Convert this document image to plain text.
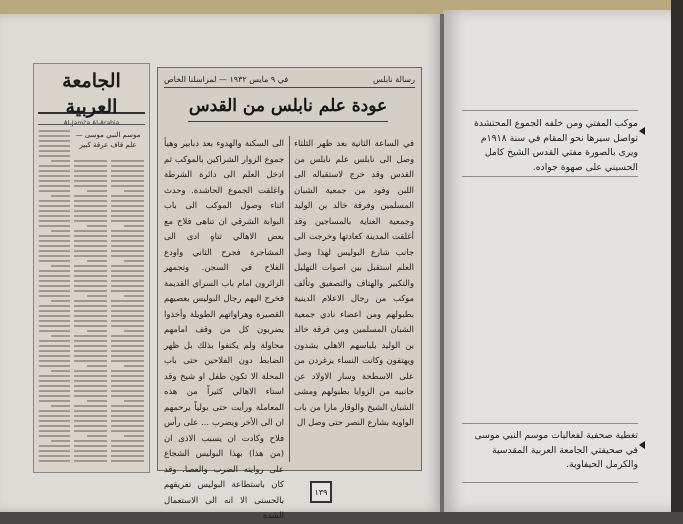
الجامعة العربية
Al-Jami'a Al-Arabia
موسم النبي موسى — علم قاف عرقة كبير
رسالة نابلس
في ٩ مايس ١٩٣٢ — لمراسلنا الخاص
عودة علم نابلس من القدس

في الساعة الثانية بعد ظهر الثلثاء وصل الى نابلس علم نابلس من القدس وقد خرج لاستقباله الى اللبن وفود من جمعية الشبان المسلمين وفرقة خالد بن الوليد وجمعية العناية بالمساجين وقد أغلقت المدينة كعادتها وخرجت الى جانب شارع البوليس لهذا وصل العلم استقبل بين اصوات التهليل والتكبير والهتاف والتصفيق وتألف موكب من رجال الاعلام الدينية بطبولهم ومن اعضاء نادي جمعية الشبان المسلمين ومن فرقة خالد بن الوليد بلباسهم الاهلي يشدون ويهتفون وكانت النساء يزغردن من على الاسطحة وسار الاولاد عن جانبيه من الزوايا بطبولهم ومشى الشبان الشيخ والوقار مارا من باب الواوية بشارع النصر حتى وصل ال

الى السكنة والهدوء بعد دبابير وهيأ جموع الزوار الشراكين بالموكب ثم ادخل العلم الى دائرة الشرطة واغلقت الجموع الحاشدة. وحدث اثناء وصول الموكب الى باب البوابة الشرقي ان تناهى فلاح مع بعض الاهالي تناهٍ ادى الى المشاجرة فجرح الثاني واودع الفلاح في السجن. وتجمهر الزائرون امام باب السراي القديمة فخرج اليهم رجال البوليس بعصيهم القصيرة وهراواتهم الطويلة وأخذوا يضربون كل من وقف امامهم محاولة ولم يكتفوا بذلك بل ظهر الضابط دون الفلاحين حتى باب المحلة الا تكون طفل او شيخ وقد استاء الاهالي كثيراً من هذه المعاملة ورأيت حتى بولياً يرحمهم ان الى الأخر ويضرب ... على رأس فلاح وكادت ان يسبب الاذى ان (من هذا) بهذا البوليس الشجاع على روايته الضرب والعصا. وقد كان باستطاعة البوليس تفريقهم بالحسنى الا انه الى الاستعمال الشدة

١٣٩
موكب المفتي ومن خلفه الجموع المحتشدة تواصل سيرها نحو المقام في سنة ١٩١٨م ويرى بالصورة مفتي القدس الشيخ كامل الحسيني على صهوة جواده.
تغطية صحفية لفعاليات موسم النبي موسى في صحيفتي الجامعة العربية المقدسية والكرمل الحيفاوية.
